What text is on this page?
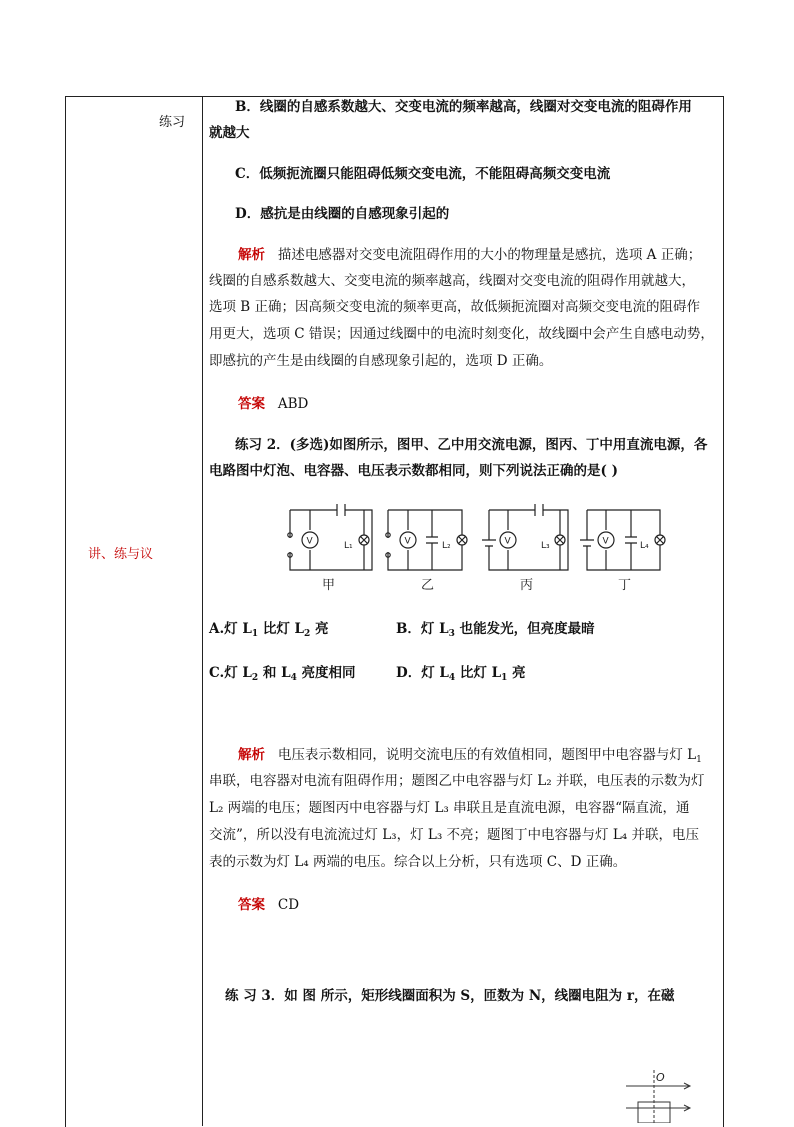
练习
讲、练与议
B．线圈的自感系数越大、交变电流的频率越高，线圈对交变电流的阻碍作用
就越大
C．低频扼流圈只能阻碍低频交变电流，不能阻碍高频交变电流
D．感抗是由线圈的自感现象引起的
解析 描述电感器对交变电流阻碍作用的大小的物理量是感抗，选项 A 正确；
线圈的自感系数越大、交变电流的频率越高，线圈对交变电流的阻碍作用就越大，
选项 B 正确；因高频交变电流的频率更高，故低频扼流圈对高频交变电流的阻碍作
用更大，选项 C 错误；因通过线圈中的电流时刻变化，故线圈中会产生自感电动势，
即感抗的产生是由线圈的自感现象引起的，选项 D 正确。
答案 ABD
练习 2．(多选)如图所示，图甲、乙中用交流电源，图丙、丁中用直流电源，各
电路图中灯泡、电容器、电压表示数都相同，则下列说法正确的是( )
V	V	V	V
L₁	L₂	L₃	L₄
甲	乙	丙	丁
A.灯 $L_1$ 比灯 $L_2$ 亮	B．灯 $L_3$ 也能发光，但亮度最暗
C.灯 $L_2$ 和 $L_4$ 亮度相同	D．灯 $L_4$ 比灯 $L_1$ 亮
解析 电压表示数相同，说明交流电压的有效值相同，题图甲中电容器与灯 $L_1$
串联，电容器对电流有阻碍作用；题图乙中电容器与灯 L₂ 并联，电压表的示数为灯
L₂ 两端的电压；题图丙中电容器与灯 L₃ 串联且是直流电源，电容器“隔直流，通
交流”，所以没有电流流过灯 L₃，灯 L₃ 不亮；题图丁中电容器与灯 L₄ 并联，电压
表的示数为灯 L₄ 两端的电压。综合以上分析，只有选项 C、D 正确。
答案 CD
练 习 3．如 图 所示，矩形线圈面积为 S，匝数为 N，线圈电阻为 r，在磁
O
